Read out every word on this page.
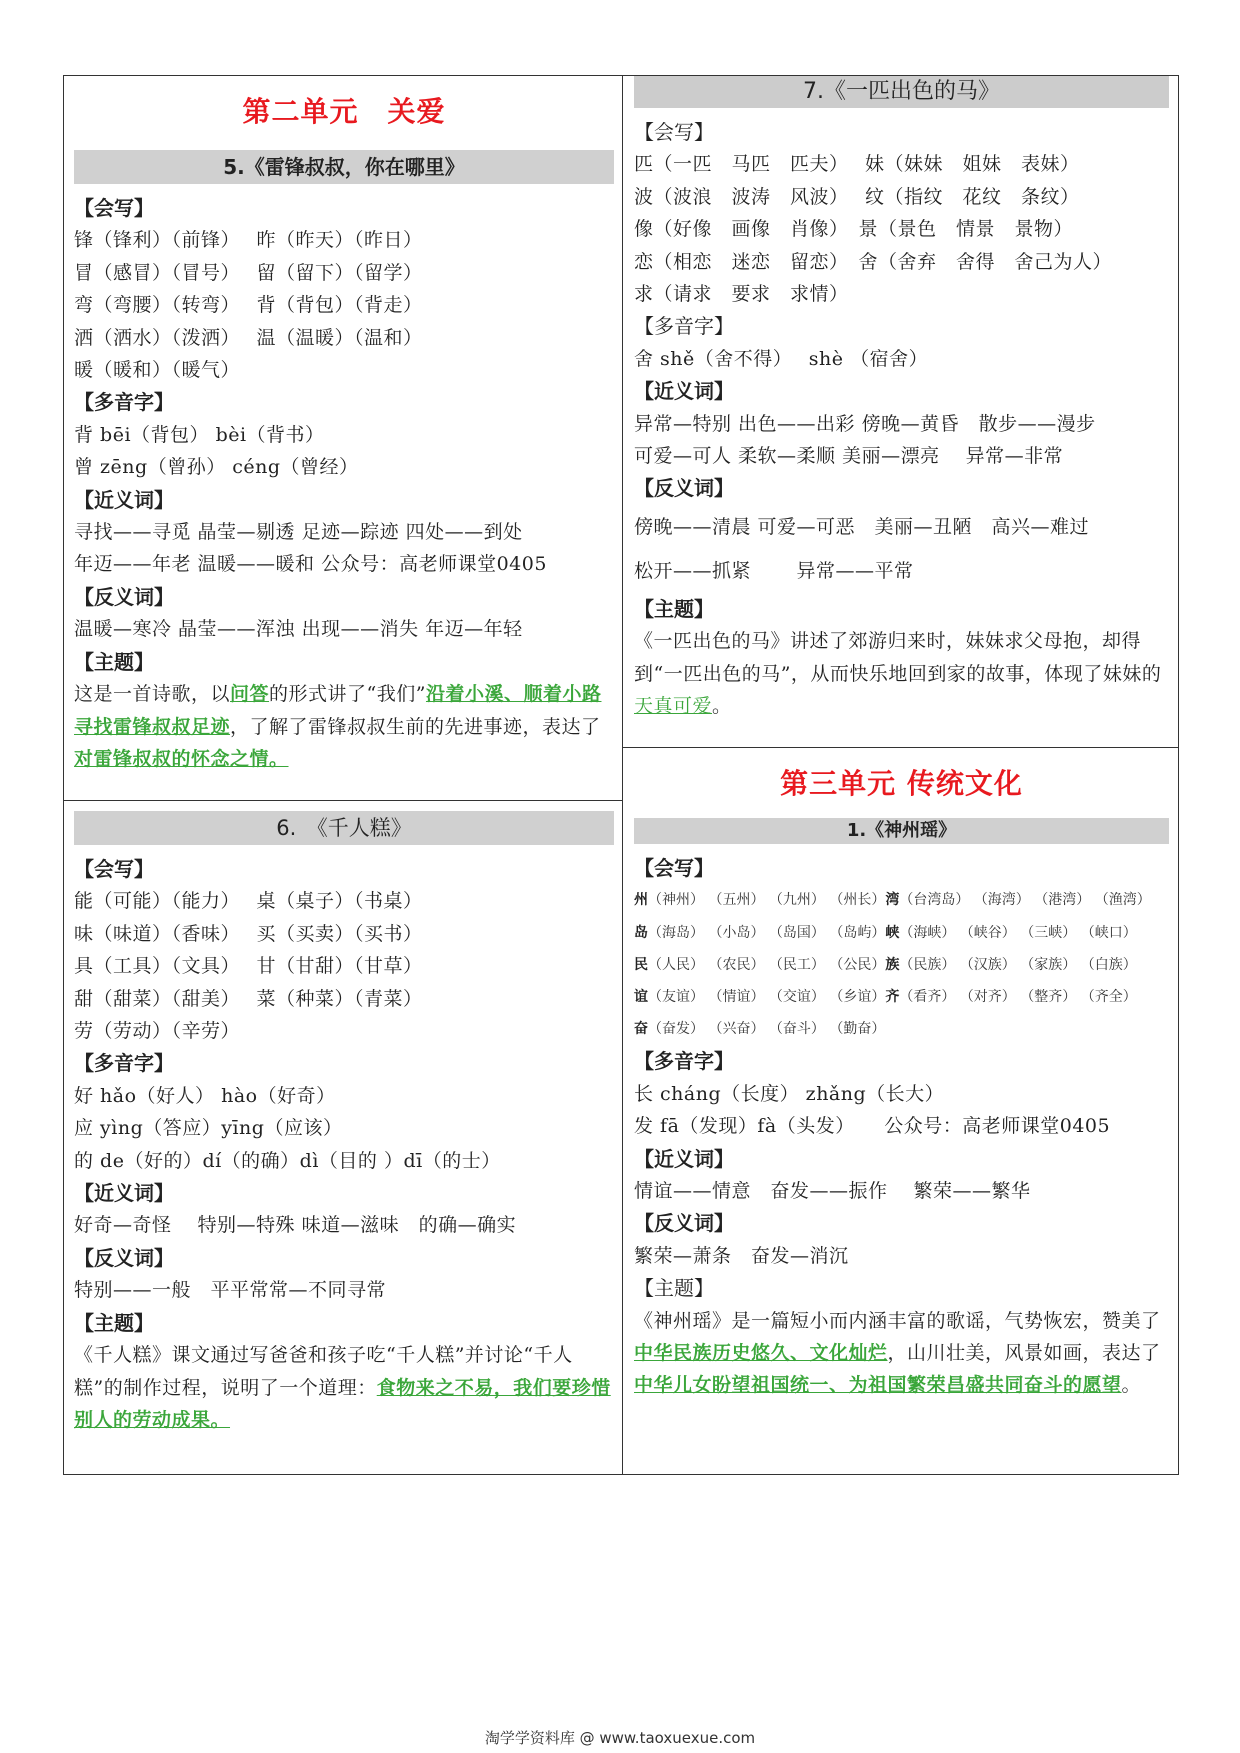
第二单元　关爱
5.《雷锋叔叔，你在哪里》
【会写】
锋（锋利）（前锋）　 昨（昨天）（昨日）
冒（感冒）（冒号）　 留（留下）（留学）
弯（弯腰）（转弯）　 背（背包）（背走）
洒（洒水）（泼洒）　 温（温暖）（温和）
暖（暖和）（暖气）
【多音字】
背 bēi（背包） bèi（背书）
曾 zēng（曾孙） céng（曾经）
【近义词】
寻找——寻觅 晶莹—剔透 足迹—踪迹 四处——到处
年迈——年老 温暖——暖和 公众号：高老师课堂0405
【反义词】
温暖—寒冷 晶莹——浑浊 出现——消失 年迈—年轻
【主题】
这是一首诗歌，以问答的形式讲了“我们”沿着小溪、顺着小路寻找雷锋叔叔足迹，了解了雷锋叔叔生前的先进事迹，表达了对雷锋叔叔的怀念之情。
6.　《千人糕》
【会写】
能（可能）（能力）　 桌（桌子）（书桌）
味（味道）（香味）　 买（买卖）（买书）
具（工具）（文具）　 甘（甘甜）（甘草）
甜（甜菜）（甜美）　 菜（种菜）（青菜）
劳（劳动）（辛劳）
【多音字】
好 hǎo（好人） hào（好奇）
应 yìng（答应）yīng（应该）
的 de（好的）dí（的确）dì（目的 ）dī（的士）
【近义词】
好奇—奇怪　 特别—特殊 味道—滋味　的确—确实
【反义词】
特别——一般　平平常常—不同寻常
【主题】
《千人糕》课文通过写爸爸和孩子吃“千人糕”并讨论“千人糕”的制作过程，说明了一个道理：食物来之不易，我们要珍惜别人的劳动成果。
7.《一匹出色的马》
【会写】
匹（一匹　马匹　匹夫）　 妹（妹妹　姐妹　表妹）
波（波浪　波涛　风波）　 纹（指纹　花纹　条纹）
像（好像　画像　肖像）　景（景色　情景　景物）
恋（相恋　迷恋　留恋）　舍（舍弃　舍得　舍己为人）
求（请求　要求　求情）
【多音字】
舍 shě（舍不得）　 shè （宿舍）
【近义词】
异常—特别 出色——出彩 傍晚—黄昏　散步——漫步
可爱—可人 柔软—柔顺 美丽—漂亮　 异常—非常
【反义词】
傍晚——清晨 可爱—可恶　美丽—丑陋　高兴—难过
松开——抓紧　　 异常——平常
【主题】
《一匹出色的马》讲述了郊游归来时，妹妹求父母抱，却得到“一匹出色的马”，从而快乐地回到家的故事，体现了妹妹的天真可爱。
第三单元 传统文化
1.《神州瑶》
【会写】
州（神州） （五州） （九州） （州长）湾（台湾岛） （海湾） （港湾） （渔湾）
岛（海岛） （小岛） （岛国） （岛屿）峡（海峡） （峡谷） （三峡） （峡口）
民（人民） （农民） （民工） （公民）族（民族） （汉族） （家族） （白族）
谊（友谊） （情谊） （交谊） （乡谊）齐（看齐） （对齐） （整齐） （齐全）
奋（奋发） （兴奋） （奋斗） （勤奋）
【多音字】
长 cháng（长度） zhǎng（长大）
发 fā（发现）fà（头发）　　公众号：高老师课堂0405
【近义词】
情谊——情意　奋发——振作　 繁荣——繁华
【反义词】
繁荣—萧条　奋发—消沉
【主题】
《神州瑶》是一篇短小而内涵丰富的歌谣，气势恢宏，赞美了中华民族历史悠久、文化灿烂，山川壮美，风景如画，表达了中华儿女盼望祖国统一、为祖国繁荣昌盛共同奋斗的愿望。
淘学学资料库 @ www.taoxuexue.com
